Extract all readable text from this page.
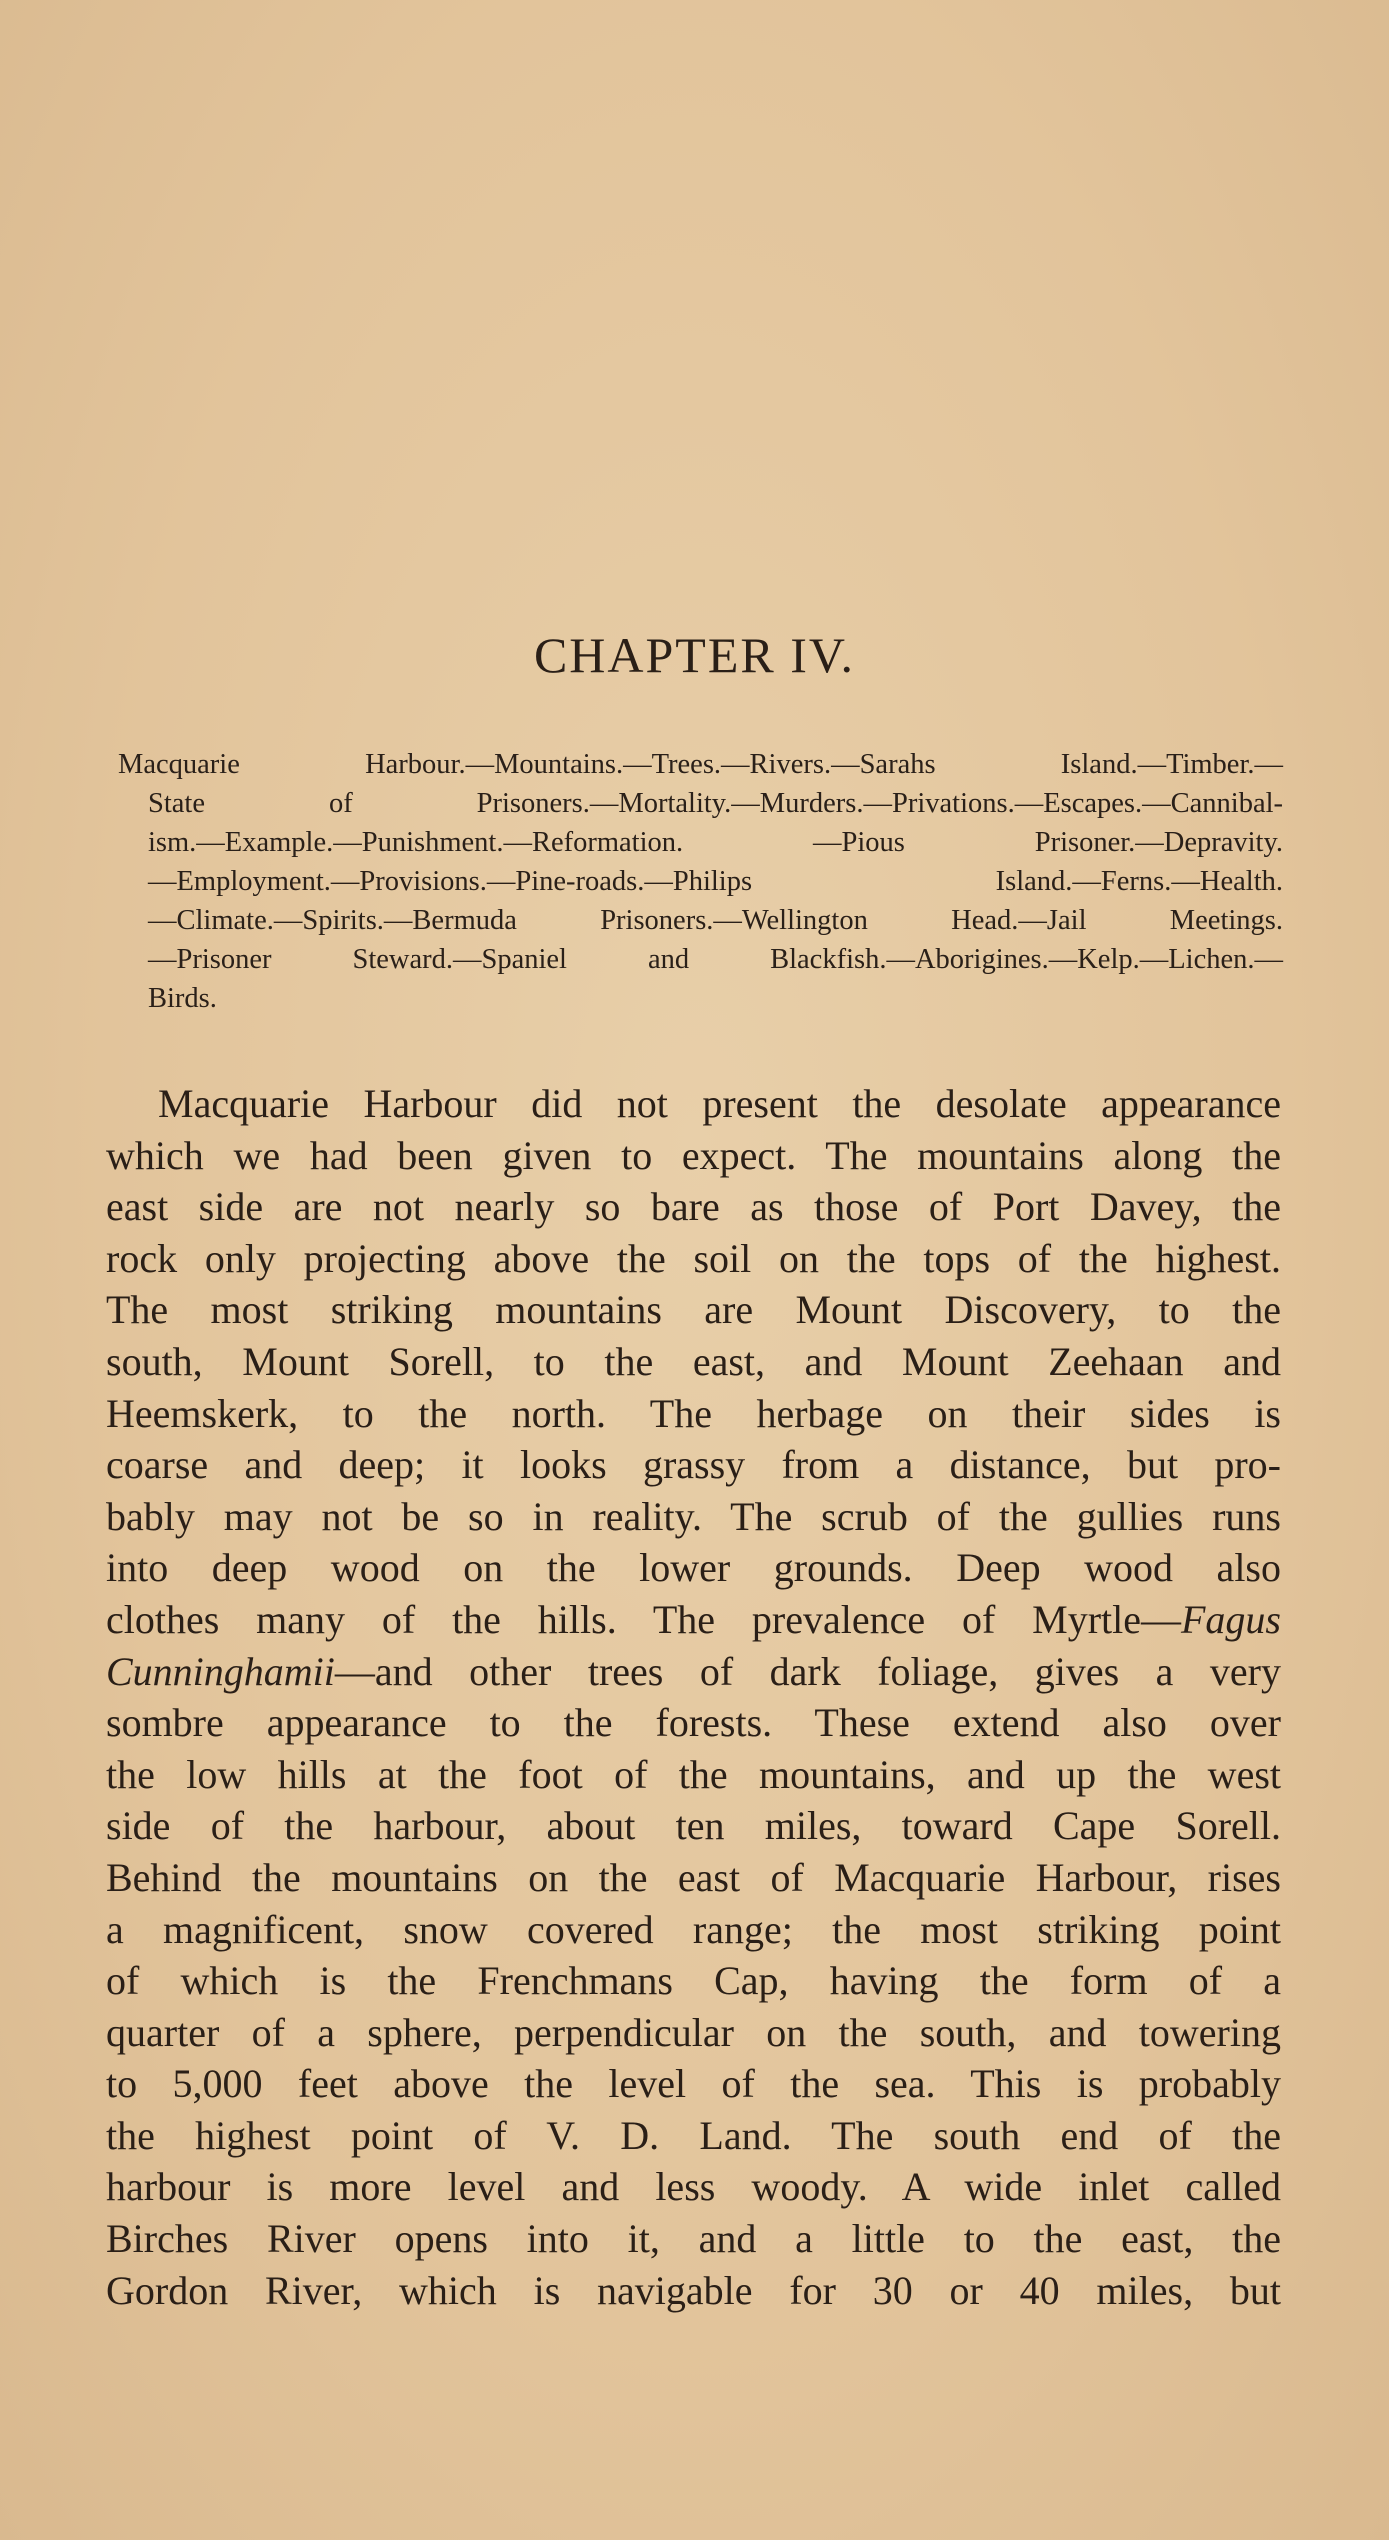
CHAPTER IV.
Macquarie Harbour.—Mountains.—Trees.—Rivers.—Sarahs Island.—Timber.—
State of Prisoners.—Mortality.—Murders.—Privations.—Escapes.—Cannibal-
ism.—Example.—Punishment.—Reformation. —Pious Prisoner.—Depravity.
—Employment.—Provisions.—Pine-roads.—Philips Island.—Ferns.—Health.
—Climate.—Spirits.—Bermuda Prisoners.—Wellington Head.—Jail Meetings.
—Prisoner Steward.—Spaniel and Blackfish.—Aborigines.—Kelp.—Lichen.—
Birds.
Macquarie Harbour did not present the desolate appearance
which we had been given to expect. The mountains along the
east side are not nearly so bare as those of Port Davey, the
rock only projecting above the soil on the tops of the highest.
The most striking mountains are Mount Discovery, to the
south, Mount Sorell, to the east, and Mount Zeehaan and
Heemskerk, to the north. The herbage on their sides is
coarse and deep; it looks grassy from a distance, but pro-
bably may not be so in reality. The scrub of the gullies runs
into deep wood on the lower grounds. Deep wood also
clothes many of the hills. The prevalence of Myrtle—Fagus
Cunninghamii—and other trees of dark foliage, gives a very
sombre appearance to the forests. These extend also over
the low hills at the foot of the mountains, and up the west
side of the harbour, about ten miles, toward Cape Sorell.
Behind the mountains on the east of Macquarie Harbour, rises
a magnificent, snow covered range; the most striking point
of which is the Frenchmans Cap, having the form of a
quarter of a sphere, perpendicular on the south, and towering
to 5,000 feet above the level of the sea. This is probably
the highest point of V. D. Land. The south end of the
harbour is more level and less woody. A wide inlet called
Birches River opens into it, and a little to the east, the
Gordon River, which is navigable for 30 or 40 miles, but
